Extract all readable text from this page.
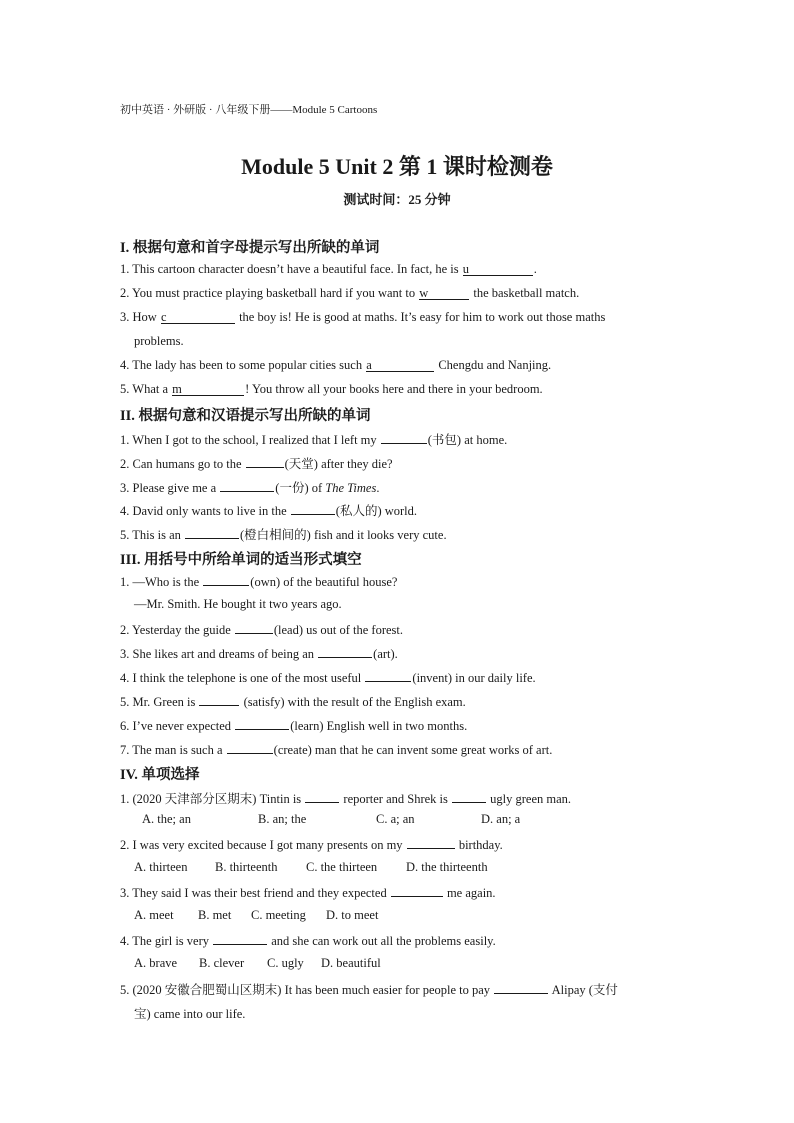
初中英语 · 外研版 · 八年级下册——Module 5 Cartoons
Module 5 Unit 2 第 1 课时检测卷
测试时间：25 分钟
I. 根据句意和首字母提示写出所缺的单词
1. This cartoon character doesn’t have a beautiful face. In fact, he is u	.
2. You must practice playing basketball hard if you want to w	the basketball match.
3. How c	the boy is! He is good at maths. It’s easy for him to work out those maths
problems.
4. The lady has been to some popular cities such a	Chengdu and Nanjing.
5. What a m	! You throw all your books here and there in your bedroom.
II. 根据句意和汉语提示写出所缺的单词
1. When I got to the school, I realized that I left my	(书包) at home.
2. Can humans go to the	(天堂) after they die?
3. Please give me a	(一份) of The Times.
4. David only wants to live in the	(私人的) world.
5. This is an	(橙白相间的) fish and it looks very cute.
III. 用括号中所给单词的适当形式填空
1. —Who is the	(own) of the beautiful house?
—Mr. Smith. He bought it two years ago.
2. Yesterday the guide	(lead) us out of the forest.
3. She likes art and dreams of being an	(art).
4. I think the telephone is one of the most useful	(invent) in our daily life.
5. Mr. Green is	(satisfy) with the result of the English exam.
6. I’ve never expected	(learn) English well in two months.
7. The man is such a	(create) man that he can invent some great works of art.
IV. 单项选择
1. (2020 天津部分区期末) Tintin is	reporter and Shrek is	ugly green man.
A. the; an	B. an; the	C. a; an	D. an; a
2. I was very excited because I got many presents on my	birthday.
A. thirteen B. thirteenth C. the thirteen D. the thirteenth
3. They said I was their best friend and they expected	me again.
A. meet B. met C. meeting D. to meet
4. The girl is very	and she can work out all the problems easily.
A. brave B. clever C. ugly D. beautiful
5. (2020 安徽合肥蜀山区期末) It has been much easier for people to pay	Alipay (支付
宝) came into our life.
